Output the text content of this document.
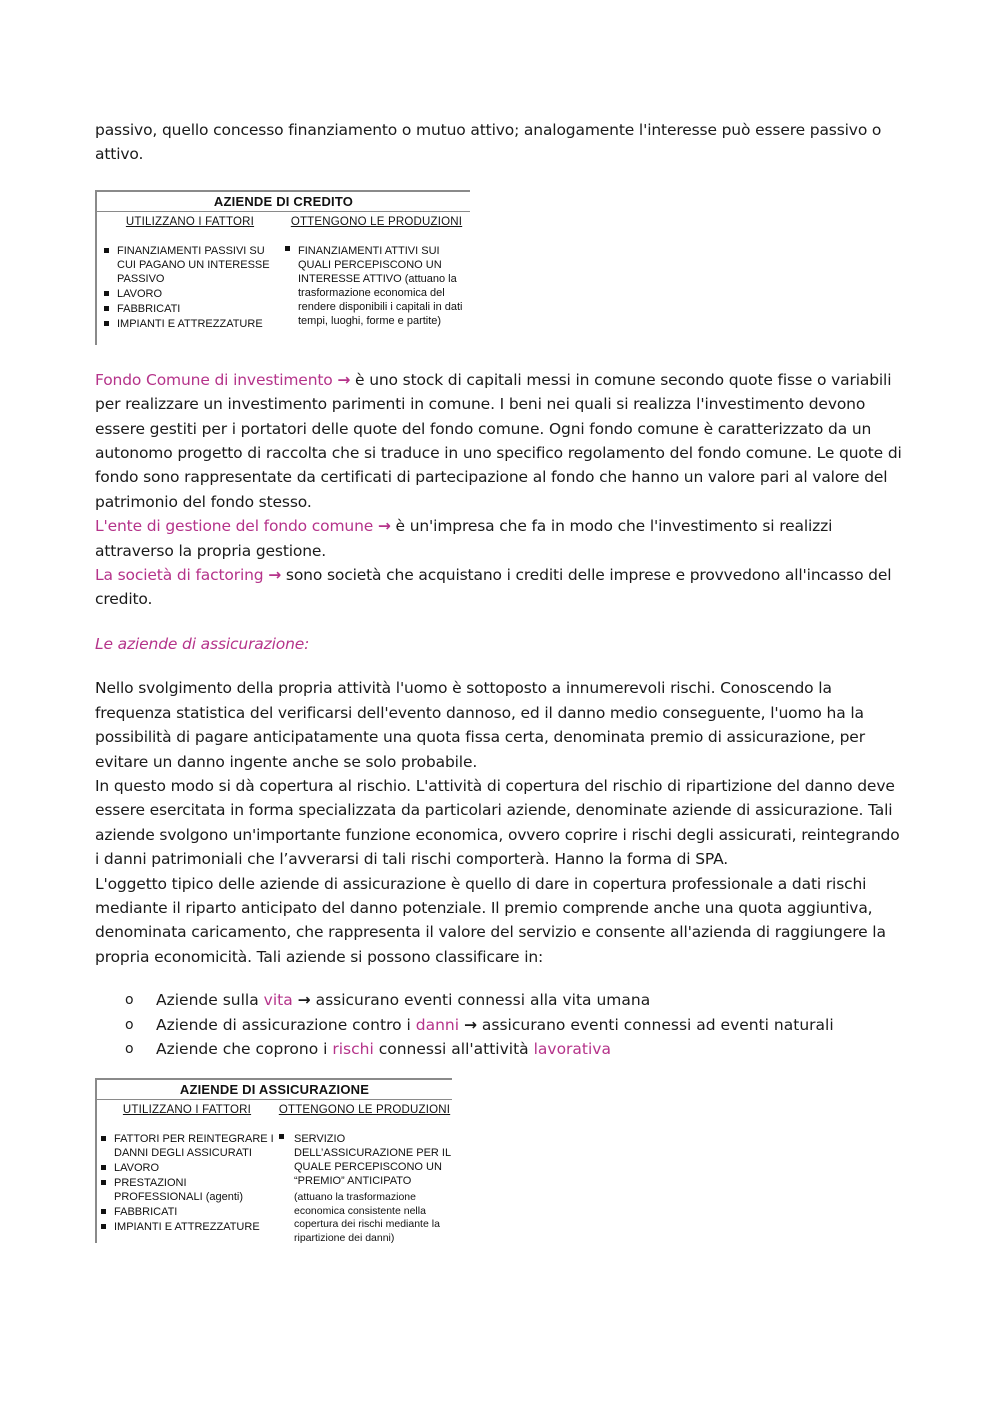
passivo, quello concesso finanziamento o mutuo attivo; analogamente l'interesse può essere passivo o attivo.

AZIENDE DI CREDITO
UTILIZZANO I FATTORI
FINANZIAMENTI PASSIVI SU CUI PAGANO UN INTERESSE PASSIVO
LAVORO
FABBRICATI
IMPIANTI E ATTREZZATURE
OTTENGONO LE PRODUZIONI
FINANZIAMENTI ATTIVI SUI QUALI PERCEPISCONO UN INTERESSE ATTIVO (attuano la trasformazione economica del rendere disponibili i capitali in dati tempi, luoghi, forme e partite)

Fondo Comune di investimento → è uno stock di capitali messi in comune secondo quote fisse o variabili per realizzare un investimento parimenti in comune. I beni nei quali si realizza l'investimento devono essere gestiti per i portatori delle quote del fondo comune. Ogni fondo comune è caratterizzato da un autonomo progetto di raccolta che si traduce in uno specifico regolamento del fondo comune. Le quote di fondo sono rappresentate da certificati di partecipazione al fondo che hanno un valore pari al valore del patrimonio del fondo stesso.

L'ente di gestione del fondo comune → è un'impresa che fa in modo che l'investimento si realizzi attraverso la propria gestione.

La società di factoring → sono società che acquistano i crediti delle imprese e provvedono all'incasso del credito.

Le aziende di assicurazione:

Nello svolgimento della propria attività l'uomo è sottoposto a innumerevoli rischi. Conoscendo la frequenza statistica del verificarsi dell'evento dannoso, ed il danno medio conseguente, l'uomo ha la possibilità di pagare anticipatamente una quota fissa certa, denominata premio di assicurazione, per evitare un danno ingente anche se solo probabile.

In questo modo si dà copertura al rischio. L'attività di copertura del rischio di ripartizione del danno deve essere esercitata in forma specializzata da particolari aziende, denominate aziende di assicurazione. Tali aziende svolgono un'importante funzione economica, ovvero coprire i rischi degli assicurati, reintegrando i danni patrimoniali che l’avverarsi di tali rischi comporterà. Hanno la forma di SPA.

L'oggetto tipico delle aziende di assicurazione è quello di dare in copertura professionale a dati rischi mediante il riparto anticipato del danno potenziale. Il premio comprende anche una quota aggiuntiva, denominata caricamento, che rappresenta il valore del servizio e consente all'azienda di raggiungere la propria economicità. Tali aziende si possono classificare in:

o Aziende sulla vita → assicurano eventi connessi alla vita umana
o Aziende di assicurazione contro i danni → assicurano eventi connessi ad eventi naturali
o Aziende che coprono i rischi connessi all'attività lavorativa
AZIENDE DI ASSICURAZIONE
UTILIZZANO I FATTORI
FATTORI PER REINTEGRARE I DANNI DEGLI ASSICURATI
LAVORO
PRESTAZIONI PROFESSIONALI (agenti)
FABBRICATI
IMPIANTI E ATTREZZATURE
OTTENGONO LE PRODUZIONI
SERVIZIO DELL’ASSICURAZIONE PER IL QUALE PERCEPISCONO UN “PREMIO” ANTICIPATO
(attuano la trasformazione economica consistente nella copertura dei rischi mediante la ripartizione dei danni)
